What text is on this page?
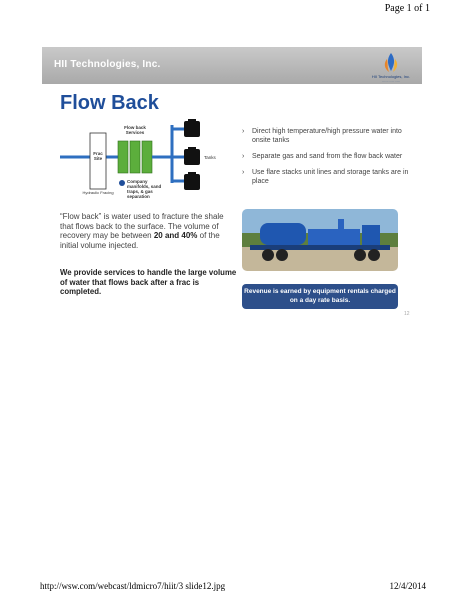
Page 1 of 1
HII Technologies, Inc.
HII Technologies, Inc.
........ ...... ......
Flow Back
Frac Site
Hydraulic Fracing
Flow back Services
Tanks
Company manifolds, sand traps, & gas separation
› Direct high temperature/high pressure water into onsite tanks
› Separate gas and sand from the flow back water
› Use flare stacks unit lines and storage tanks are in place
“Flow back” is water used to fracture the shale that flows back to the surface. The volume of recovery may be between 20 and 40% of the initial volume injected.
We provide services to handle the large volume of water that flows back after a frac is completed.	Revenue is earned by equipment rentals charged on a day rate basis.
12
http://wsw.com/webcast/ldmicro7/hiit/3 slide12.jpg	12/4/2014
